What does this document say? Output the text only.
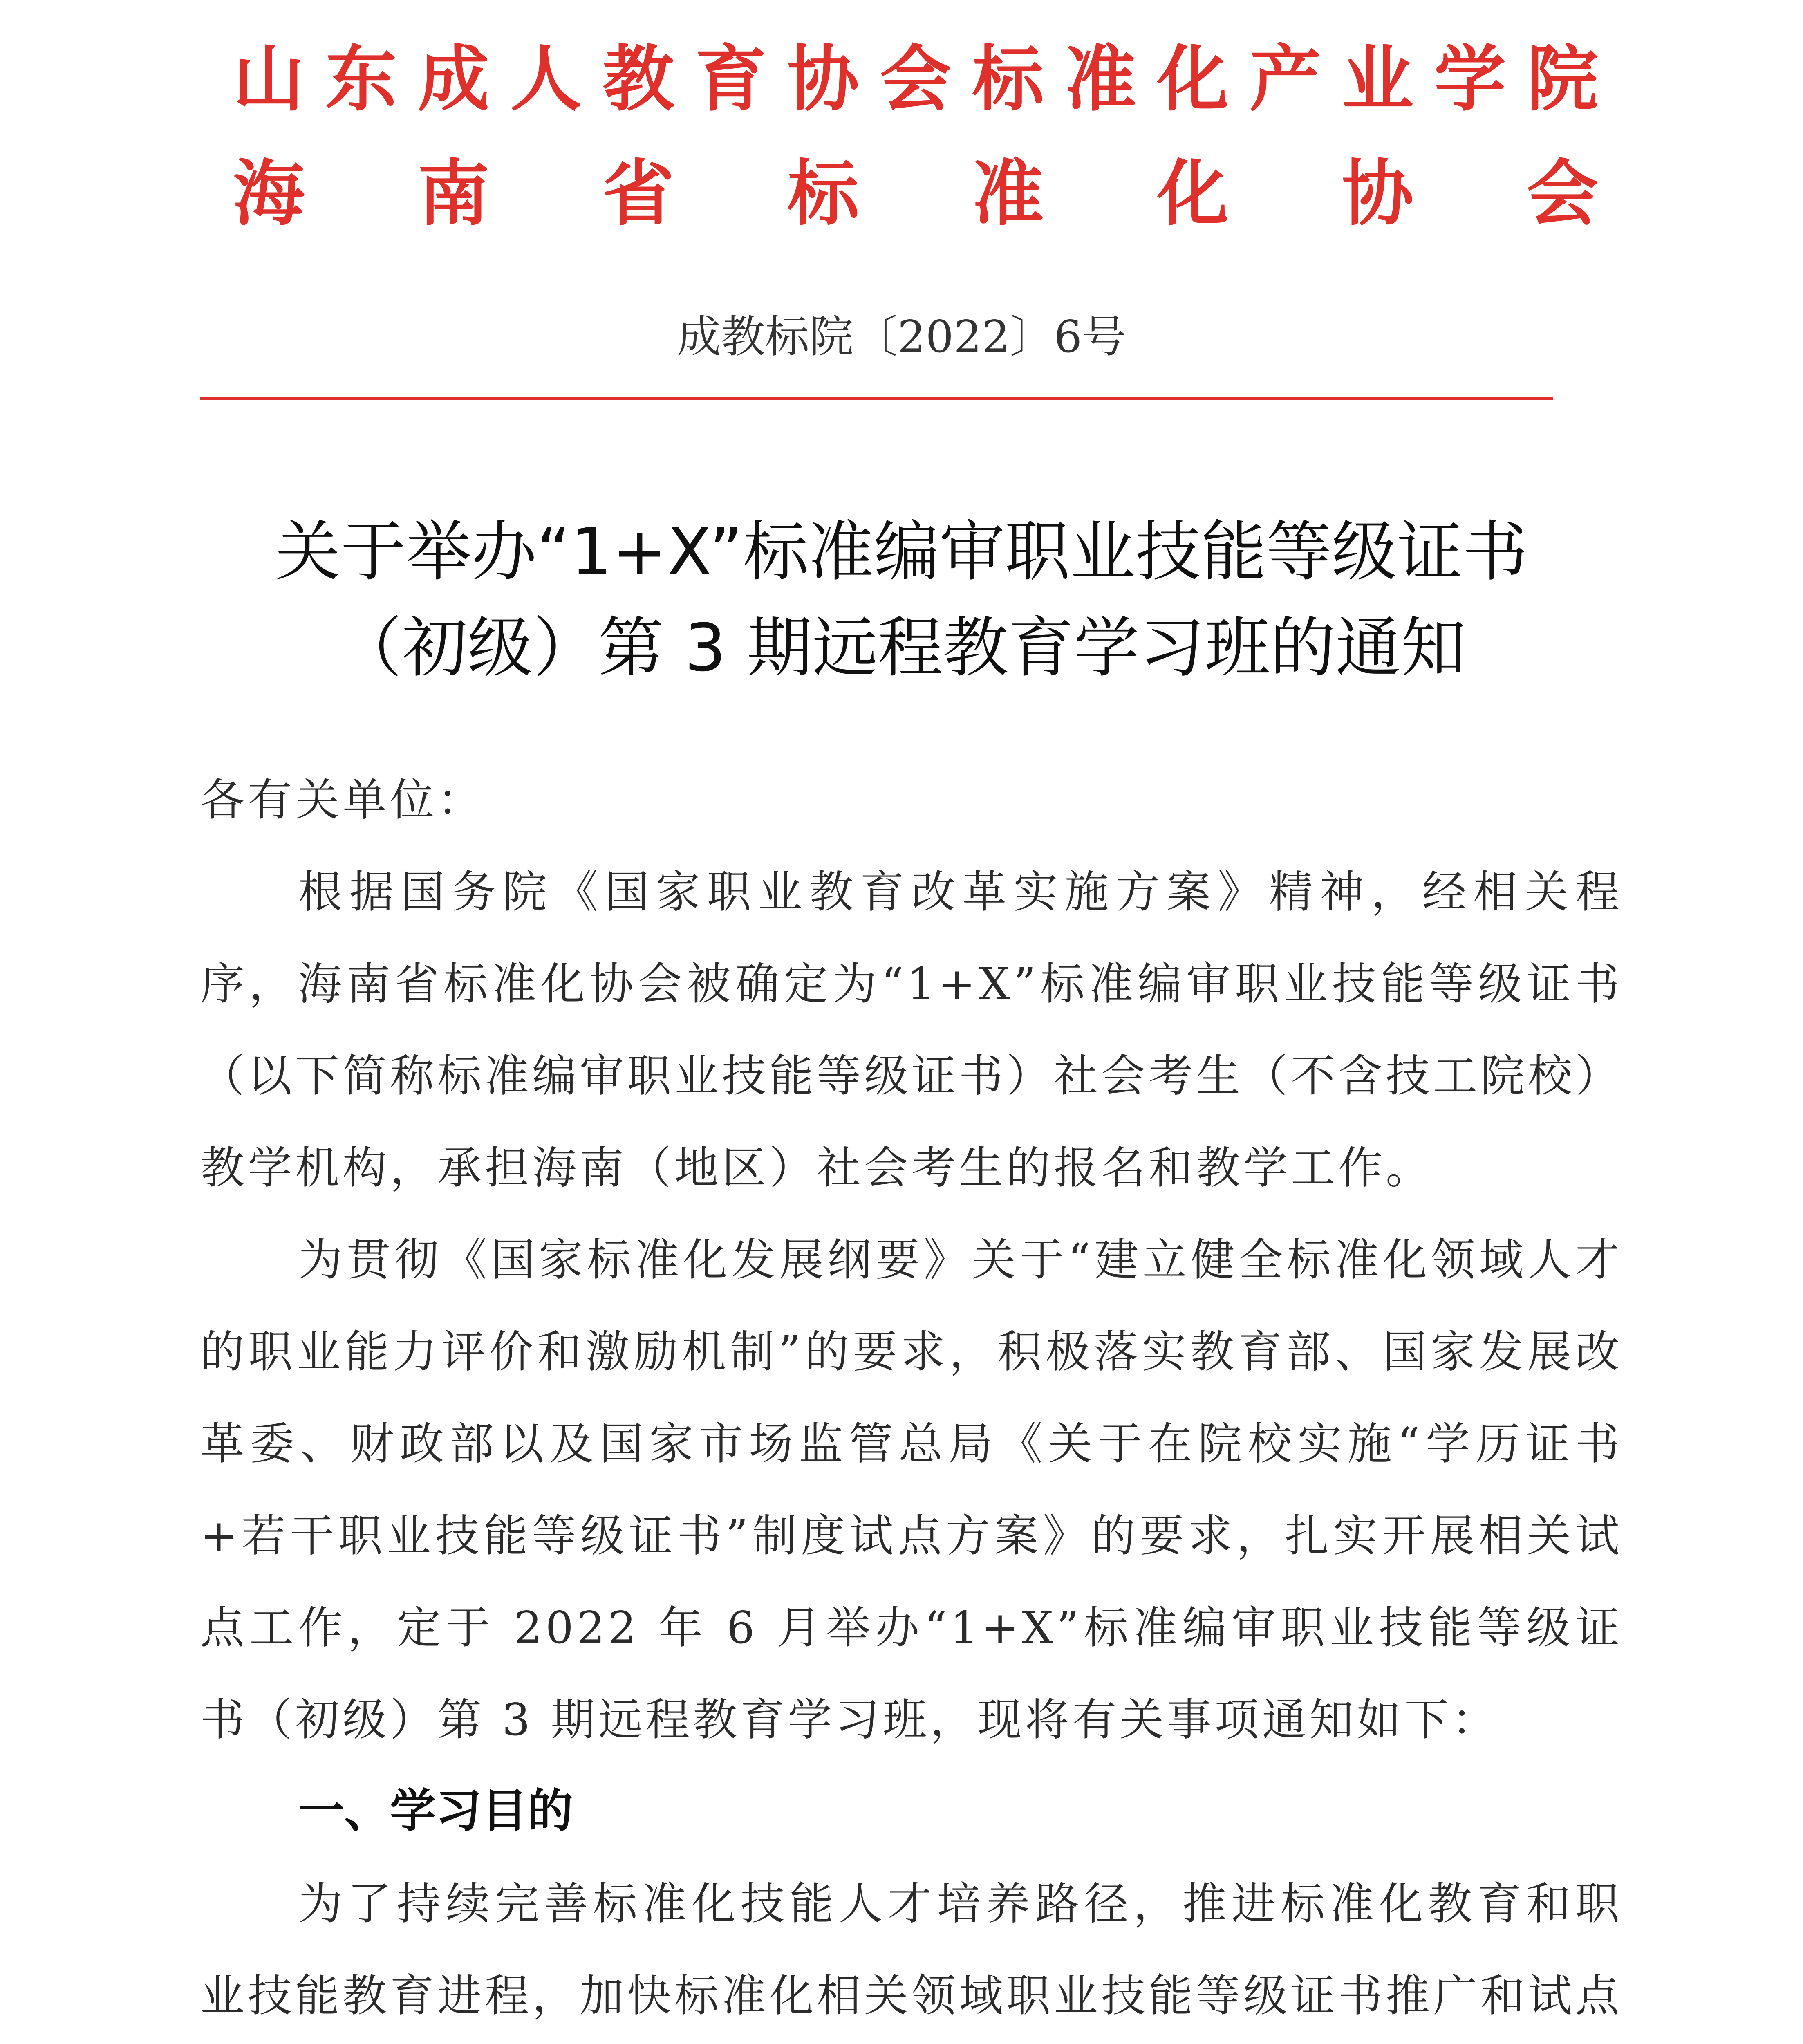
山东成人教育协会标准化产业学院
海南省标准化协会
成教标院〔2022〕6号
关于举办“1+X”标准编审职业技能等级证书
（初级）第 3 期远程教育学习班的通知
各有关单位：

根据国务院《国家职业教育改革实施方案》精神，经相关程序，海南省标准化协会被确定为“1+X”标准编审职业技能等级证书（以下简称标准编审职业技能等级证书）社会考生（不含技工院校）教学机构，承担海南（地区）社会考生的报名和教学工作。

为贯彻《国家标准化发展纲要》关于“建立健全标准化领域人才的职业能力评价和激励机制”的要求，积极落实教育部、国家发展改革委、财政部以及国家市场监管总局《关于在院校实施“学历证书+若干职业技能等级证书”制度试点方案》的要求，扎实开展相关试点工作，定于 2022 年 6 月举办“1+X”标准编审职业技能等级证书（初级）第 3 期远程教育学习班，现将有关事项通知如下：

一、学习目的

为了持续完善标准化技能人才培养路径，推进标准化教育和职业技能教育进程，加快标准化相关领域职业技能等级证书推广和试点
